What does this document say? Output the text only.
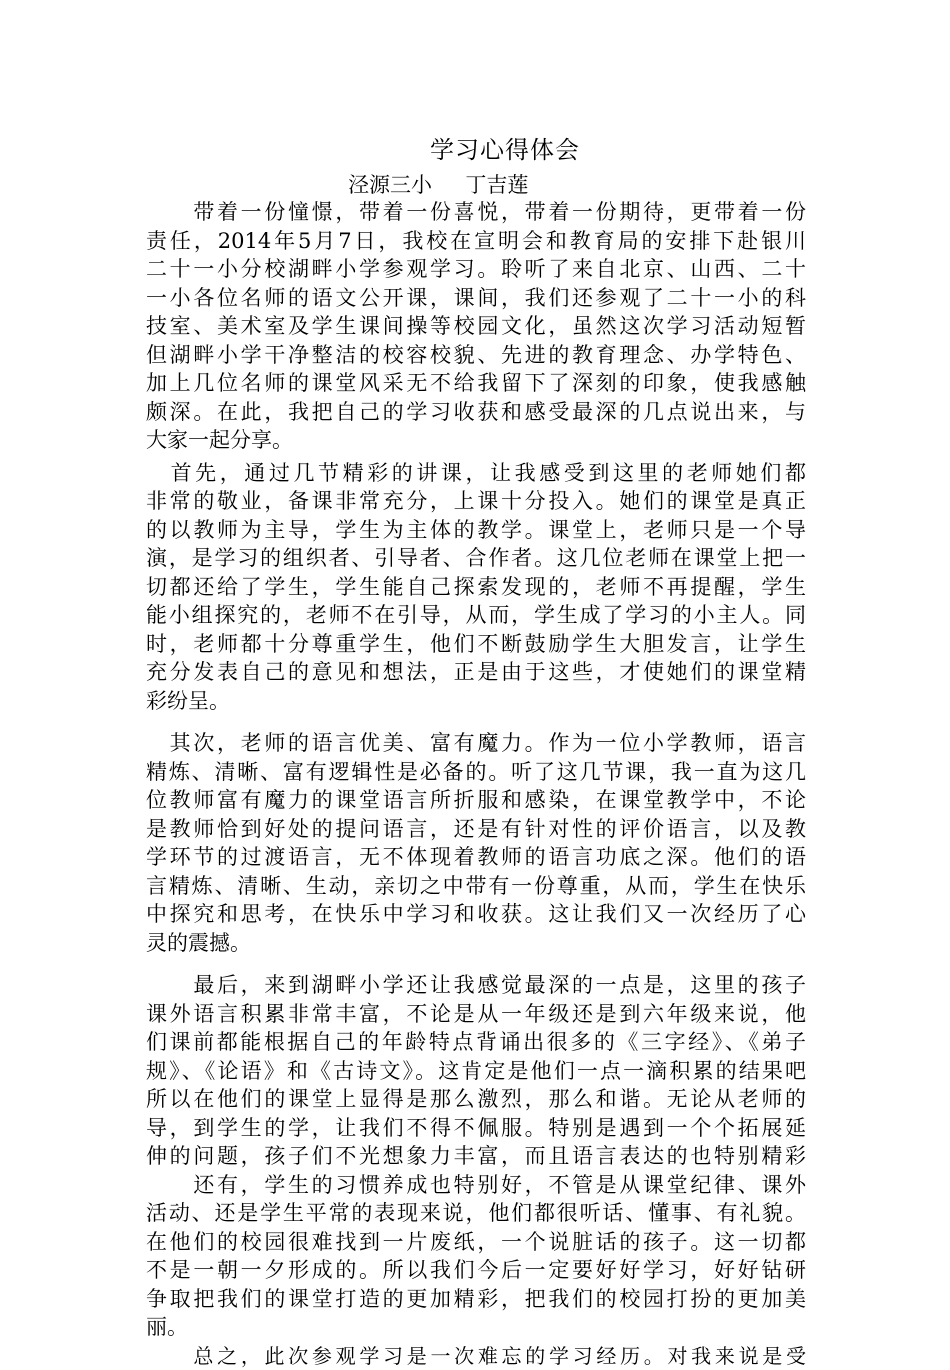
学习心得体会
泾源三小     丁吉莲
　　带着一份憧憬，带着一份喜悦，带着一份期待，更带着一份
责任，2014年5月7日，我校在宣明会和教育局的安排下赴银川
二十一小分校湖畔小学参观学习。聆听了来自北京、山西、二十
一小各位名师的语文公开课，课间，我们还参观了二十一小的科
技室、美术室及学生课间操等校园文化，虽然这次学习活动短暂
但湖畔小学干净整洁的校容校貌、先进的教育理念、办学特色、
加上几位名师的课堂风采无不给我留下了深刻的印象，使我感触
颇深。在此，我把自己的学习收获和感受最深的几点说出来，与
大家一起分享。
　首先，通过几节精彩的讲课，让我感受到这里的老师她们都
非常的敬业，备课非常充分，上课十分投入。她们的课堂是真正
的以教师为主导，学生为主体的教学。课堂上，老师只是一个导
演，是学习的组织者、引导者、合作者。这几位老师在课堂上把一
切都还给了学生，学生能自己探索发现的，老师不再提醒，学生
能小组探究的，老师不在引导，从而，学生成了学习的小主人。同
时，老师都十分尊重学生，他们不断鼓励学生大胆发言，让学生
充分发表自己的意见和想法，正是由于这些，才使她们的课堂精
彩纷呈。
　其次，老师的语言优美、富有魔力。作为一位小学教师，语言
精炼、清晰、富有逻辑性是必备的。听了这几节课，我一直为这几
位教师富有魔力的课堂语言所折服和感染，在课堂教学中，不论
是教师恰到好处的提问语言，还是有针对性的评价语言，以及教
学环节的过渡语言，无不体现着教师的语言功底之深。他们的语
言精炼、清晰、生动，亲切之中带有一份尊重，从而，学生在快乐
中探究和思考，在快乐中学习和收获。这让我们又一次经历了心
灵的震撼。
　　最后，来到湖畔小学还让我感觉最深的一点是，这里的孩子
课外语言积累非常丰富，不论是从一年级还是到六年级来说，他
们课前都能根据自己的年龄特点背诵出很多的《三字经》、《弟子
规》、《论语》和《古诗文》。这肯定是他们一点一滴积累的结果吧
所以在他们的课堂上显得是那么激烈，那么和谐。无论从老师的
导，到学生的学，让我们不得不佩服。特别是遇到一个个拓展延
伸的问题，孩子们不光想象力丰富，而且语言表达的也特别精彩
　　还有，学生的习惯养成也特别好，不管是从课堂纪律、课外
活动、还是学生平常的表现来说，他们都很听话、懂事、有礼貌。
在他们的校园很难找到一片废纸，一个说脏话的孩子。这一切都
不是一朝一夕形成的。所以我们今后一定要好好学习，好好钻研
争取把我们的课堂打造的更加精彩，把我们的校园打扮的更加美
丽。
　　总之，此次参观学习是一次难忘的学习经历。对我来说是受
